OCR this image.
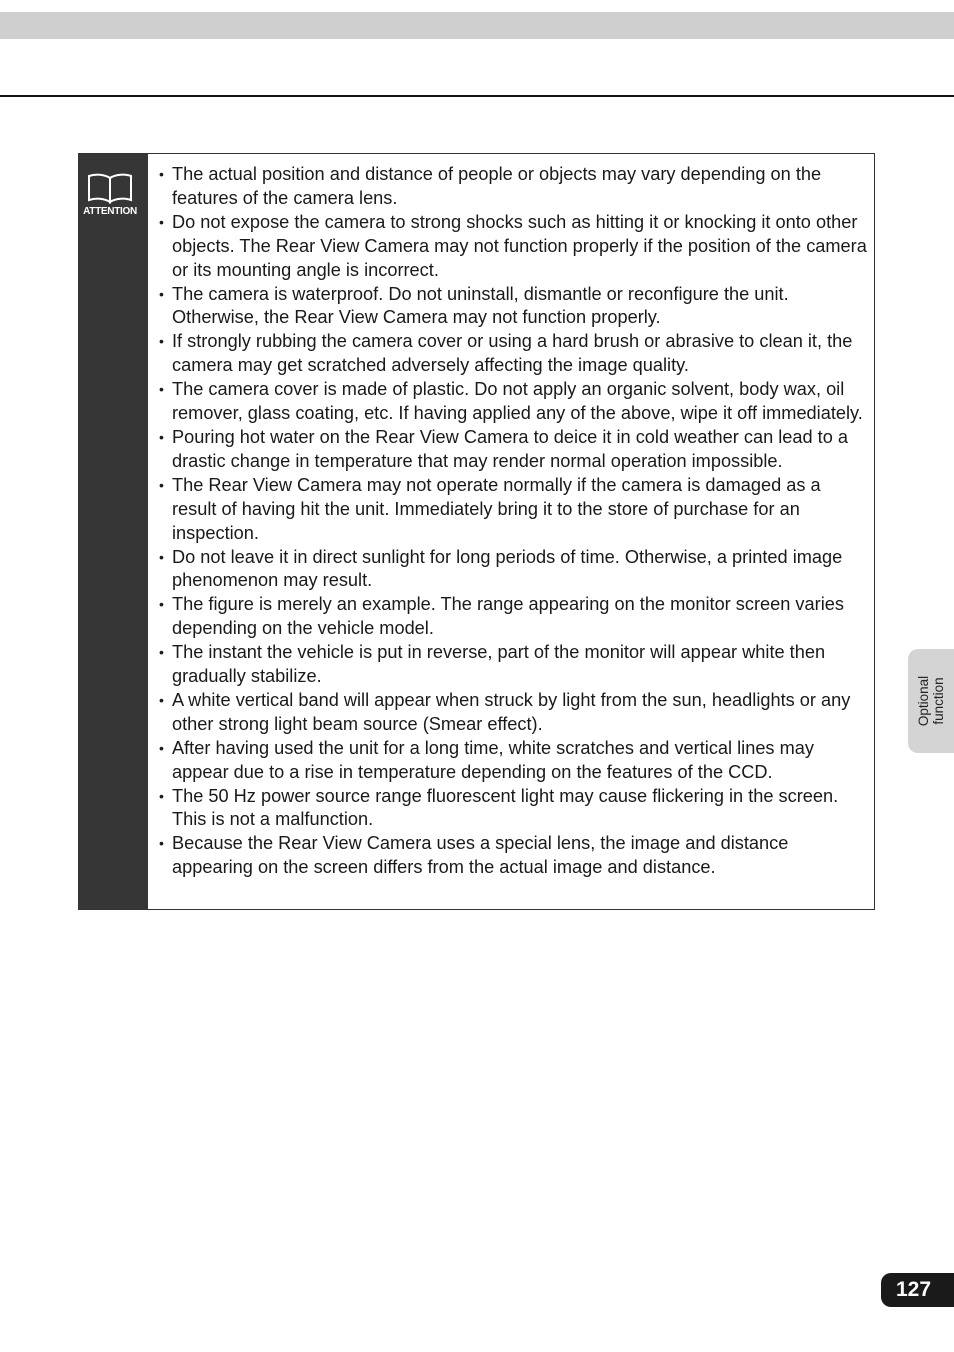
ATTENTION
• The actual position and distance of people or objects may vary depending on the features of the camera lens.
• Do not expose the camera to strong shocks such as hitting it or knocking it onto other objects. The Rear View Camera may not function properly if the position of the camera or its mounting angle is incorrect.
• The camera is waterproof. Do not uninstall, dismantle or reconfigure the unit. Otherwise, the Rear View Camera may not function properly.
• If strongly rubbing the camera cover or using a hard brush or abrasive to clean it, the camera may get scratched adversely affecting the image quality.
• The camera cover is made of plastic. Do not apply an organic solvent, body wax, oil remover, glass coating, etc. If having applied any of the above, wipe it off immediately.
• Pouring hot water on the Rear View Camera to deice it in cold weather can lead to a drastic change in temperature that may render normal operation impossible.
• The Rear View Camera may not operate normally if the camera is damaged as a result of having hit the unit. Immediately bring it to the store of purchase for an inspection.
• Do not leave it in direct sunlight for long periods of time. Otherwise, a printed image phenomenon may result.
• The figure is merely an example. The range appearing on the monitor screen varies depending on the vehicle model.
• The instant the vehicle is put in reverse, part of the monitor will appear white then gradually stabilize.
• A white vertical band will appear when struck by light from the sun, headlights or any other strong light beam source (Smear effect).
• After having used the unit for a long time, white scratches and vertical lines may appear due to a rise in temperature depending on the features of the CCD.
• The 50 Hz power source range fluorescent light may cause flickering in the screen. This is not a malfunction.
• Because the Rear View Camera uses a special lens, the image and distance appearing on the screen differs from the actual image and distance.
Optional
function
127
